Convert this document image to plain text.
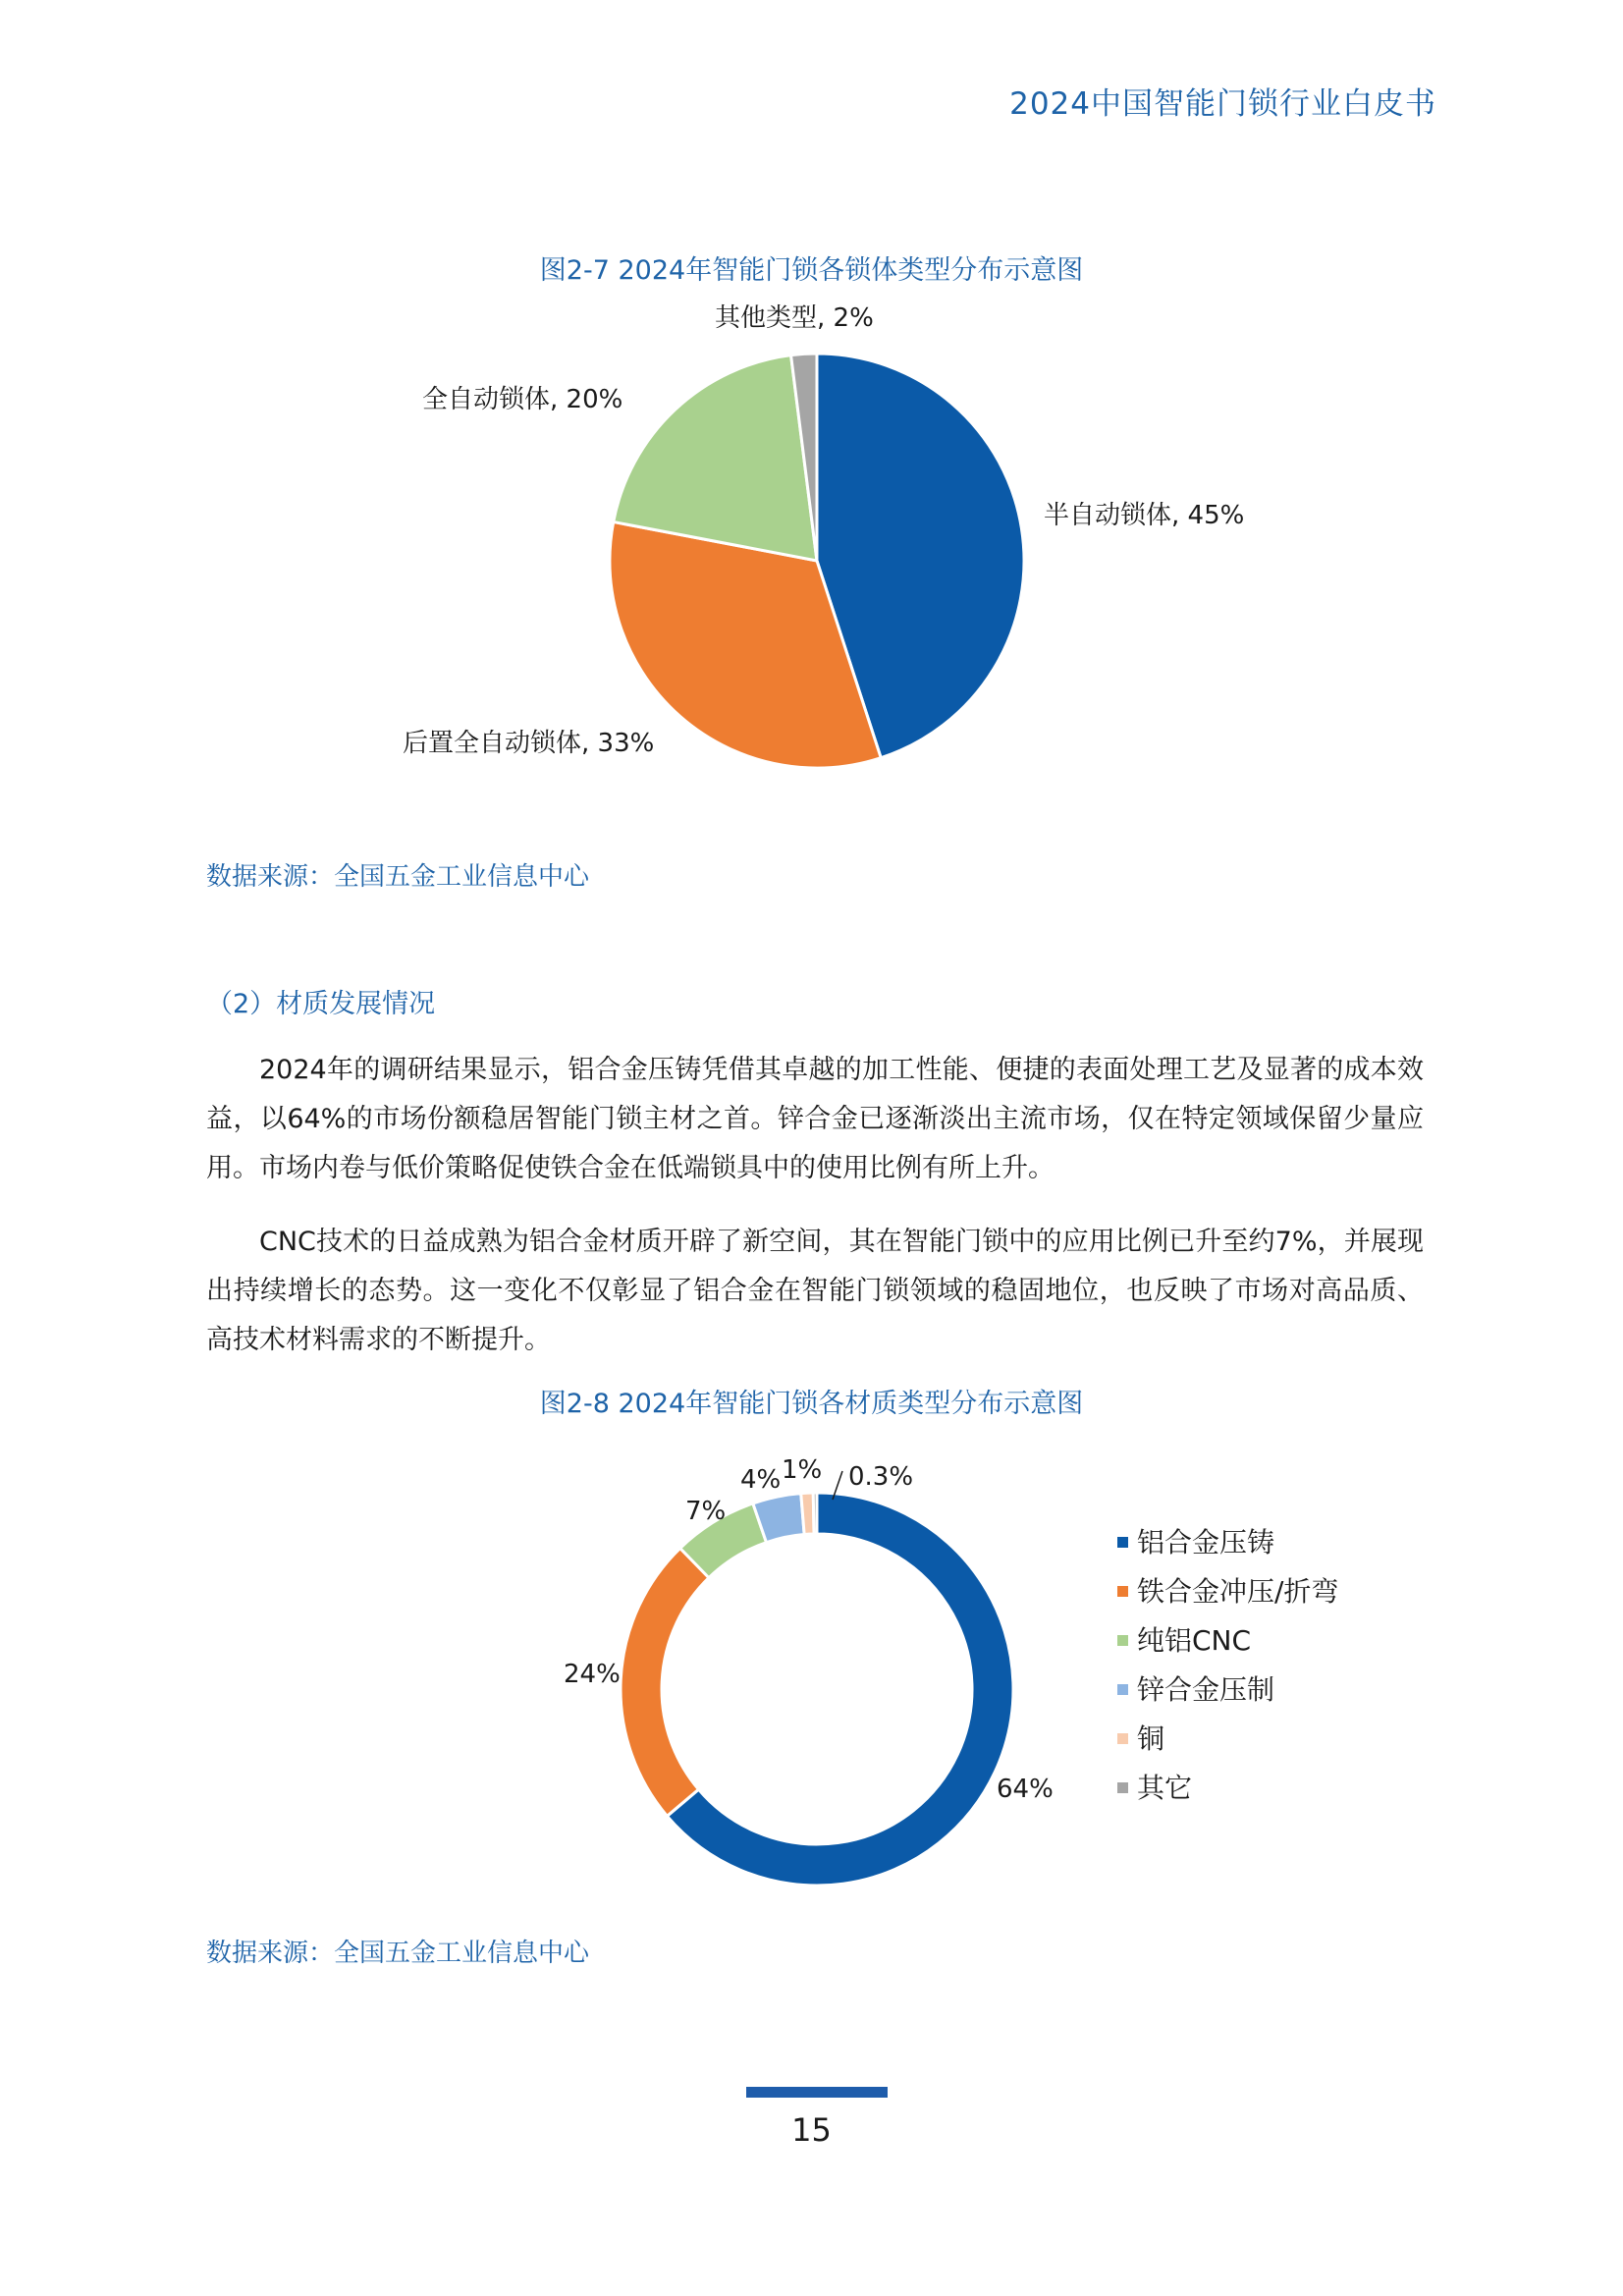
2024中国智能门锁行业白皮书
图2-7 2024年智能门锁各锁体类型分布示意图
半自动锁体, 45%
后置全自动锁体, 33%
全自动锁体, 20%
其他类型, 2%
64%
24%
7%
4% 1% 0.3%
铝合金压铸
铁合金冲压/折弯
纯铝CNC
锌合金压制
铜
其它
数据来源：全国五金工业信息中心
（2）材质发展情况

2024年的调研结果显示，铝合金压铸凭借其卓越的加工性能、便捷的表面处理工艺及显著的成本效益，以64%的市场份额稳居智能门锁主材之首。锌合金已逐渐淡出主流市场，仅在特定领域保留少量应用。市场内卷与低价策略促使铁合金在低端锁具中的使用比例有所上升。

CNC技术的日益成熟为铝合金材质开辟了新空间，其在智能门锁中的应用比例已升至约7%，并展现出持续增长的态势。这一变化不仅彰显了铝合金在智能门锁领域的稳固地位，也反映了市场对高品质、高技术材料需求的不断提升。

图2-8 2024年智能门锁各材质类型分布示意图
数据来源：全国五金工业信息中心
15
